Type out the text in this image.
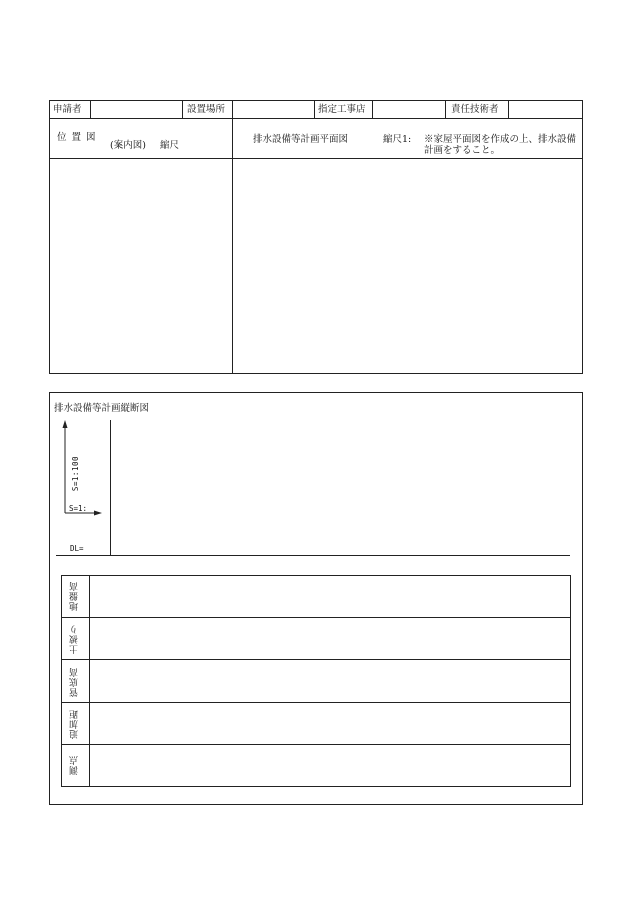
申請者	設置場所	指定工事店	責任技術者
位 置 図
(案内図) 縮尺
排水設備等計画平面図	縮尺1: ※家屋平面図を作成の上、排水設備計画をすること。
排水設備等計画縦断図
S=1:100
S=1:
DL=
地盤高
土被り
管底高
追加距
測点
